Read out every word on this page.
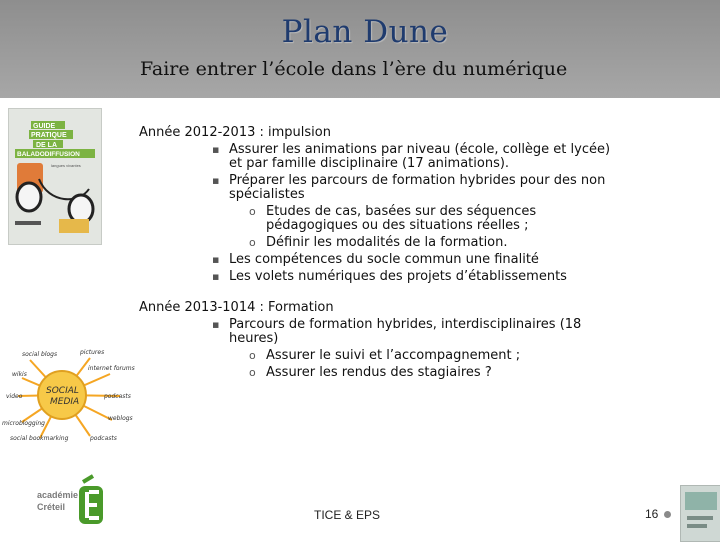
Plan Dune
Faire entrer l’école dans l’ère du numérique
GUIDE
PRATIQUE
DE LA
BALADODIFFUSION
langues vivantes
SOCIAL
MEDIA
social blogs	pictures
wikis
internet forums
video	podcasts
weblogs
microblogging
social bookmarking	podcasts
académie
Créteil
Année 2012-2013 : impulsion
▪ Assurer les animations par niveau (école, collège et lycée)
et par famille disciplinaire (17 animations).
▪ Préparer les parcours de formation hybrides pour des non
spécialistes
o Etudes de cas, basées sur des séquences
pédagogiques ou des situations réelles ;
o Définir les modalités de la formation.
▪ Les compétences du socle commun une finalité
▪ Les volets numériques des projets d’établissements
Année 2013-1014 : Formation
▪ Parcours de formation hybrides, interdisciplinaires (18
heures)
o Assurer le suivi et l’accompagnement ;
o Assurer les rendus des stagiaires ?
TICE & EPS	16
